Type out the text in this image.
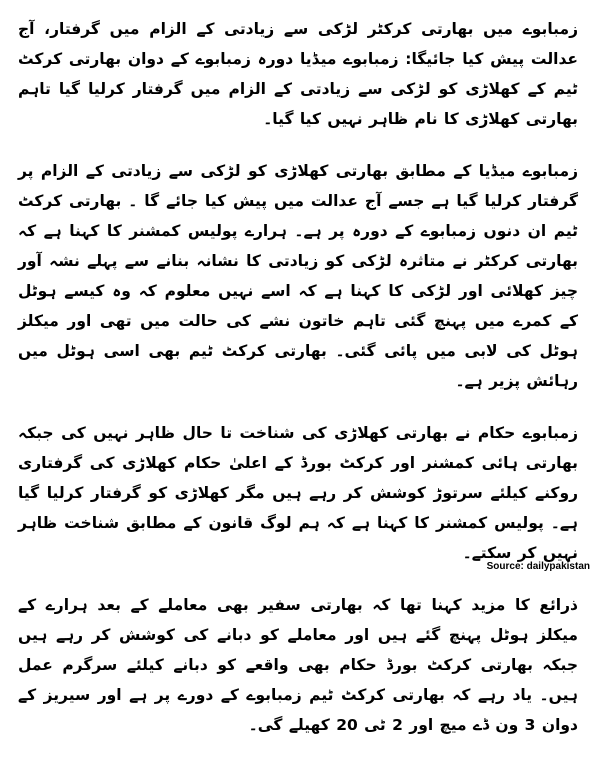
زمبابوے میں بھارتی کرکٹر لڑکی سے زیادتی کے الزام میں گرفتار، آج عدالت پیش کیا جائیگا: زمبابوے میڈیا دورہ زمبابوے کے دوان بھارتی کرکٹ ٹیم کے کھلاڑی کو لڑکی سے زیادتی کے الزام میں گرفتار کرلیا گیا تاہم بھارتی کھلاڑی کا نام ظاہر نہیں کیا گیا۔

زمبابوے میڈیا کے مطابق بھارتی کھلاڑی کو لڑکی سے زیادتی کے الزام پر گرفتار کرلیا گیا ہے جسے آج عدالت میں پیش کیا جائے گا ۔ بھارتی کرکٹ ٹیم ان دنوں زمبابوے کے دورہ پر ہے۔ ہرارے پولیس کمشنر کا کہنا ہے کہ بھارتی کرکٹر نے متاثرہ لڑکی کو زیادتی کا نشانہ بنانے سے پہلے نشہ آور چیز کھلائی اور لڑکی کا کہنا ہے کہ اسے نہیں معلوم کہ وہ کیسے ہوٹل کے کمرے میں پہنچ گئی تاہم خاتون نشے کی حالت میں تھی اور میکلز ہوٹل کی لابی میں پائی گئی۔ بھارتی کرکٹ ٹیم بھی اسی ہوٹل میں رہائش پزیر ہے۔

زمبابوے حکام نے بھارتی کھلاڑی کی شناخت تا حال ظاہر نہیں کی جبکہ بھارتی ہائی کمشنر اور کرکٹ بورڈ کے اعلیٰ حکام کھلاڑی کی گرفتاری روکنے کیلئے سرتوڑ کوشش کر رہے ہیں مگر کھلاڑی کو گرفتار کرلیا گیا ہے۔ پولیس کمشنر کا کہنا ہے کہ ہم لوگ قانون کے مطابق شناخت ظاہر نہیں کر سکتے۔

ذرائع کا مزید کہنا تھا کہ بھارتی سفیر بھی معاملے کے بعد ہرارے کے میکلز ہوٹل پہنچ گئے ہیں اور معاملے کو دبانے کی کوشش کر رہے ہیں جبکہ بھارتی کرکٹ بورڈ حکام بھی واقعے کو دبانے کیلئے سرگرم عمل ہیں۔ یاد رہے کہ بھارتی کرکٹ ٹیم زمبابوے کے دورے پر ہے اور سیریز کے دوان 3 ون ڈے میچ اور 2 ٹی 20 کھیلے گی۔

Source: dailypakistan
